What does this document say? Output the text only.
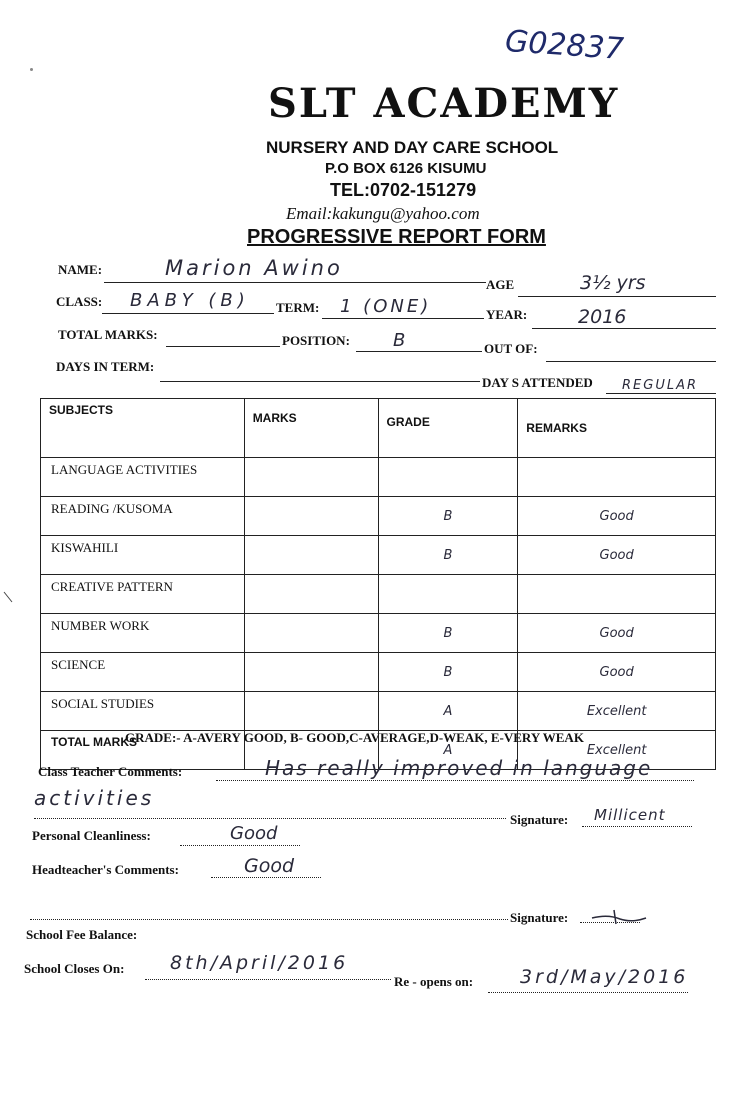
G02837
SLT ACADEMY
NURSERY AND DAY CARE SCHOOL
P.O BOX 6126 KISUMU
TEL:0702-151279
Email:kakungu@yahoo.com
PROGRESSIVE REPORT FORM
NAME:	Marion Awino
AGE	3½ yrs
CLASS: BABY (B) TERM: 1 (ONE)	YEAR:	2016
TOTAL MARKS:	POSITION: B	OUT OF:
DAYS IN TERM:
DAY S ATTENDED REGULAR
SUBJECTS	MARKS	GRADE	REMARKS
LANGUAGE ACTIVITIES			
READING /KUSOMA		B	Good
KISWAHILI		B	Good
CREATIVE PATTERN			
NUMBER WORK		B	Good
SCIENCE		B	Good
SOCIAL STUDIES		A	Excellent
TOTAL MARKS		A	Excellent
GRADE:- A-AVERY GOOD, B- GOOD,C-AVERAGE,D-WEAK, E-VERY WEAK
Class Teacher Comments:	Has really improved in language
activities
Signature: Millicent
Personal Cleanliness:	Good
Headteacher's Comments:	Good
Signature:
School Fee Balance:
School Closes On: 8th/April/2016
Re - opens on: 3rd/May/2016
